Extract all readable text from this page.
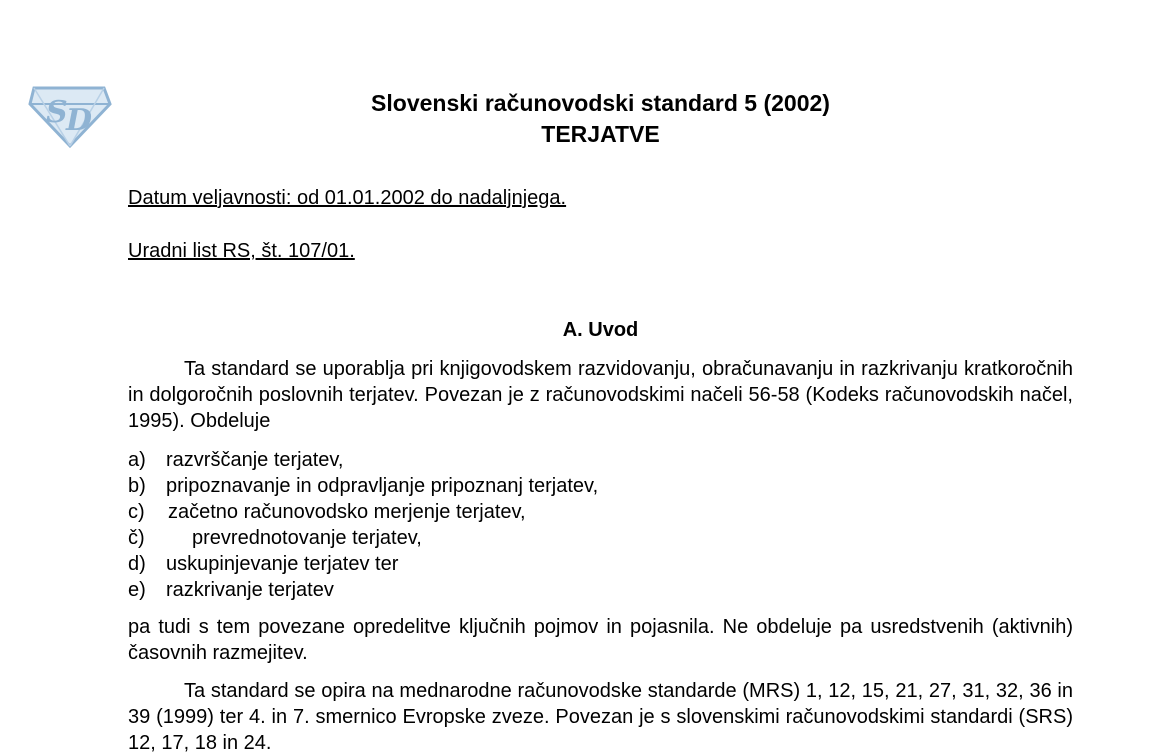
S
D	Slovenski računovodski standard 5 (2002)

TERJATVE

Datum veljavnosti: od 01.01.2002 do nadaljnjega.
Uradni list RS, št. 107/01.
A. Uvod
Ta standard se uporablja pri knjigovodskem razvidovanju, obračunavanju in razkrivanju kratkoročnih in dolgoročnih poslovnih terjatev. Povezan je z računovodskimi načeli 56-58 (Kodeks računovodskih načel, 1995). Obdeluje
a) razvrščanje terjatev,
b) pripoznavanje in odpravljanje pripoznanj terjatev,
c) začetno računovodsko merjenje terjatev,
č) prevrednotovanje terjatev,
d) uskupinjevanje terjatev ter
e) razkrivanje terjatev
pa tudi s tem povezane opredelitve ključnih pojmov in pojasnila. Ne obdeluje pa usredstvenih (aktivnih) časovnih razmejitev.
Ta standard se opira na mednarodne računovodske standarde (MRS) 1, 12, 15, 21, 27, 31, 32, 36 in 39 (1999) ter 4. in 7. smernico Evropske zveze. Povezan je s slovenskimi računovodskimi standardi (SRS) 12, 17, 18 in 24.
